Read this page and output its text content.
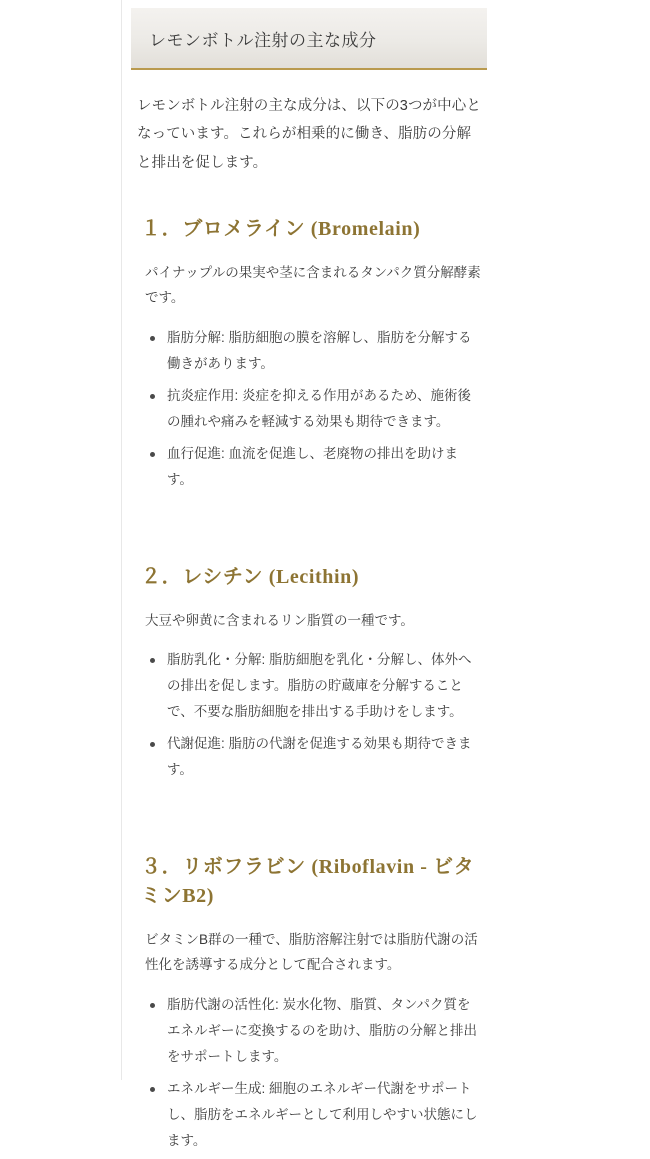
レモンボトル注射の主な成分

レモンボトル注射の主な成分は、以下の3つが中心となっています。これらが相乗的に働き、脂肪の分解と排出を促します。

１．ブロメライン (Bromelain)

パイナップルの果実や茎に含まれるタンパク質分解酵素です。

脂肪分解: 脂肪細胞の膜を溶解し、脂肪を分解する働きがあります。
抗炎症作用: 炎症を抑える作用があるため、施術後の腫れや痛みを軽減する効果も期待できます。
血行促進: 血流を促進し、老廃物の排出を助けます。
２．レシチン (Lecithin)

大豆や卵黄に含まれるリン脂質の一種です。

脂肪乳化・分解: 脂肪細胞を乳化・分解し、体外への排出を促します。脂肪の貯蔵庫を分解することで、不要な脂肪細胞を排出する手助けをします。
代謝促進: 脂肪の代謝を促進する効果も期待できます。
３．リボフラビン (Riboflavin - ビタミンB2)

ビタミンB群の一種で、脂肪溶解注射では脂肪代謝の活性化を誘導する成分として配合されます。

脂肪代謝の活性化: 炭水化物、脂質、タンパク質をエネルギーに変換するのを助け、脂肪の分解と排出をサポートします。
エネルギー生成: 細胞のエネルギー代謝をサポートし、脂肪をエネルギーとして利用しやすい状態にします。
